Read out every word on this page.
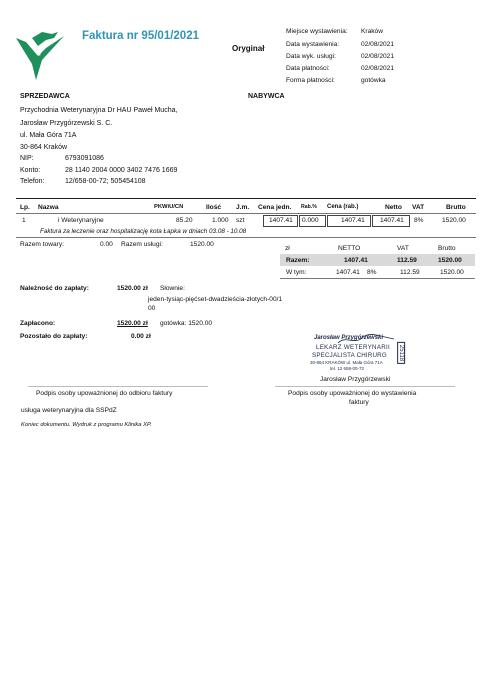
Faktura nr 95/01/2021
Oryginał
Miejsce wystawienia: Kraków
Data wystawienia:	02/08/2021
Data wyk. usługi:	02/08/2021
Data płatności:	02/08/2021
Forma płatności:	gotówka
SPRZEDAWCA
Przychodnia Weterynaryjna Dr HAU Paweł Mucha,
Jarosław Przygórzewski S. C.
ul. Mała Góra 71A
30-864 Kraków
NIP:	6793091086
Konto:	28 1140 2004 0000 3402 7476 1669
Telefon:	12/658-00-72; 505454108
NABYWCA
Lp. Nazwa	PKWiU/CN	Ilość J.m. Cena jedn. Rab.% Cena (rab.)	Netto VAT	Brutto
1	i Weterynaryjne	85.20	1.000 szt	1407.41 0.000	1407.41 1407.41 8%	1520.00
Faktura za leczenie oraz hospitalizację kota Łapka w dniach 03.08 - 10.08
Razem towary:	0.00 Razem usługi:	1520.00
zł	NETTO	VAT	Brutto
Razem:	1407.41	112.59	1520.00
W tym:	1407.41 8%	112.59	1520.00
Należność do zapłaty:	1520.00 zł Słownie:
jeden-tysiąc-pięćset-dwadzieścia-złotych-00/1
00
Zapłacono:	1520.00 zł gotówka: 1520.00
Pozostało do zapłaty:	0.00 zł	Jarosław Przygórzewski
LEKARZ WETERYNARII
SPECJALISTA CHIRURG
30-864 KRAKÓW ul. Mała Góra 71A
tel. 12 658-00-72
25118
Jarosław Przygórzewski
Podpis osoby upoważnionej do odbioru faktury	Podpis osoby upoważnionej do wystawienia
faktury
usługa weterynaryjna dla SSPdZ
Koniec dokumentu. Wydruk z programu Klinika XP.
